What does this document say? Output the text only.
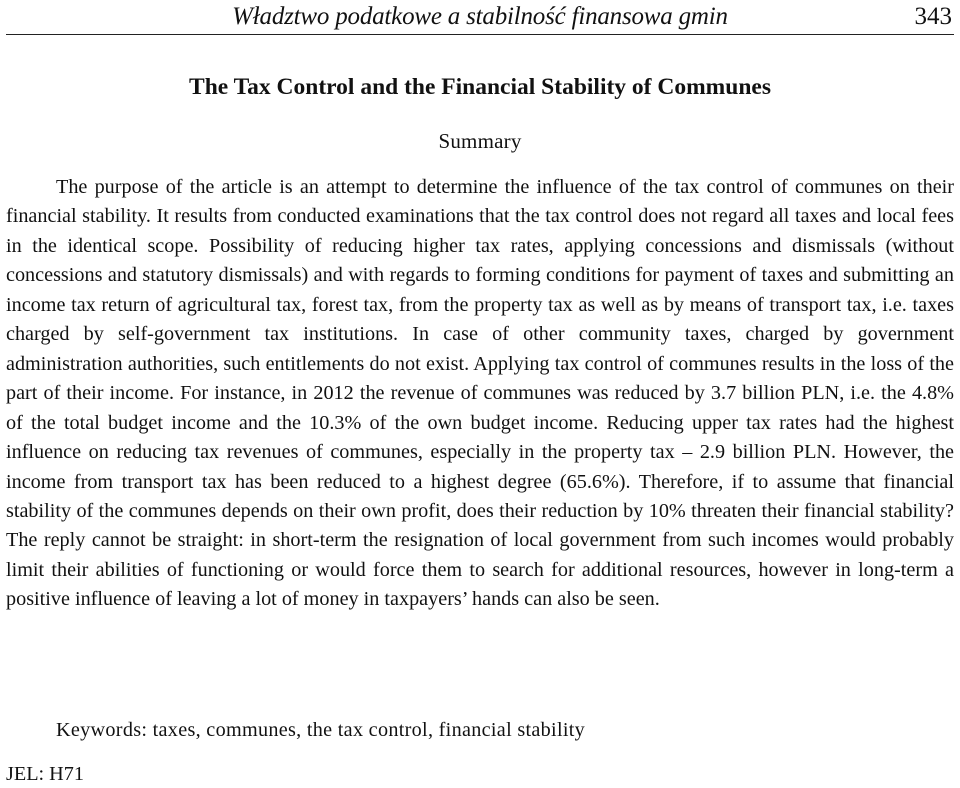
Władztwo podatkowe a stabilność finansowa gmin	343
The Tax Control and the Financial Stability of Communes
Summary

The purpose of the article is an attempt to determine the influence of the tax control of communes on their financial stability. It results from conducted examinations that the tax control does not regard all taxes and local fees in the identical scope. Possibility of reducing higher tax rates, applying concessions and dismissals (without concessions and statutory dismissals) and with regards to forming conditions for payment of taxes and submitting an income tax return of agricultural tax, forest tax, from the property tax as well as by means of transport tax, i.e. taxes charged by self-government tax institutions. In case of other community taxes, charged by government administration authorities, such entitlements do not exist. Applying tax control of communes results in the loss of the part of their income. For instance, in 2012 the revenue of communes was reduced by 3.7 billion PLN, i.e. the 4.8% of the total budget income and the 10.3% of the own budget income. Reducing upper tax rates had the highest influence on reducing tax revenues of communes, especially in the property tax – 2.9 billion PLN. However, the income from transport tax has been reduced to a highest degree (65.6%). Therefore, if to assume that financial stability of the communes depends on their own profit, does their reduction by 10% threaten their financial stability? The reply cannot be straight: in short-term the resignation of local government from such incomes would probably limit their abilities of functioning or would force them to search for additional resources, however in long-term a positive influence of leaving a lot of money in taxpayers’ hands can also be seen.

Keywords: taxes, communes, the tax control, financial stability
JEL: H71
